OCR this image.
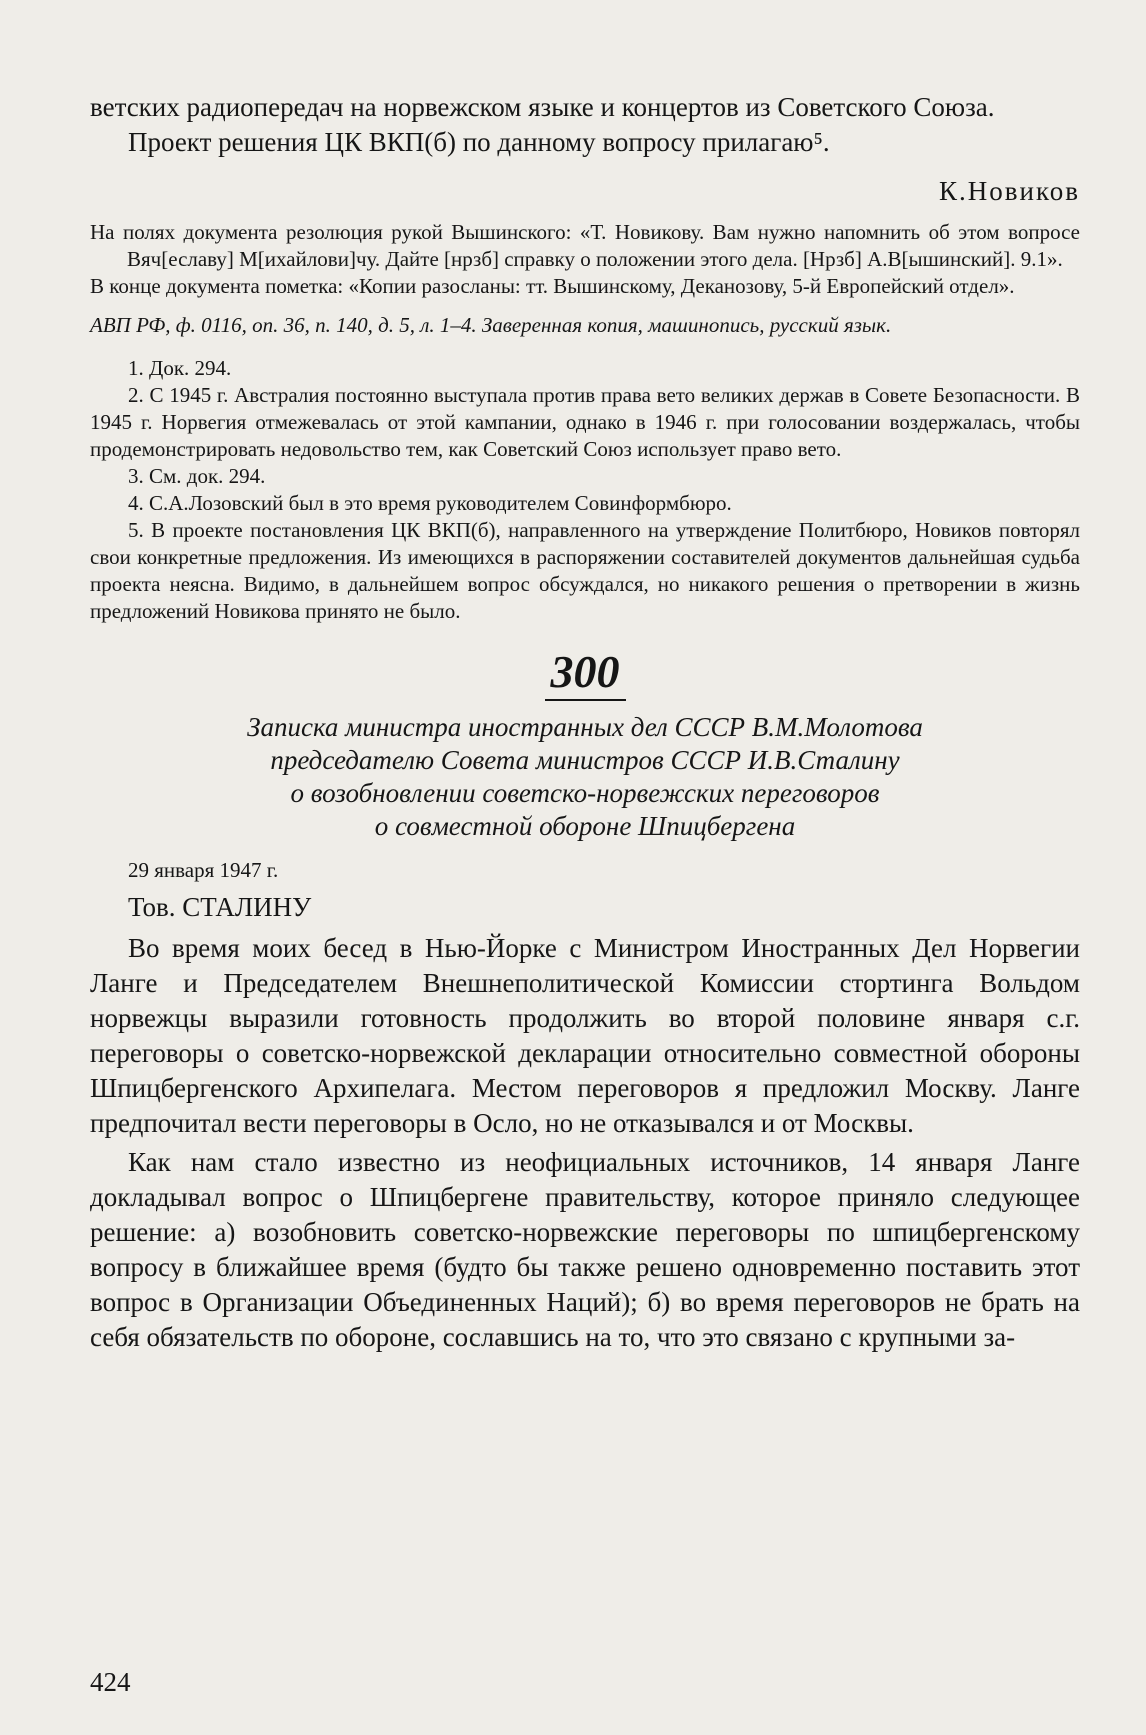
ветских радиопередач на норвежском языке и концертов из Советского Союза.

Проект решения ЦК ВКП(б) по данному вопросу прилагаю⁵.

К.Новиков

На полях документа резолюция рукой Вышинского: «Т. Новикову. Вам нужно напомнить об этом вопросе Вяч[еславу] М[ихайлови]чу. Дайте [нрзб] справку о положении этого дела. [Нрзб] А.В[ышинский]. 9.1».

В конце документа пометка: «Копии разосланы: тт. Вышинскому, Деканозову, 5-й Европейский отдел».

АВП РФ, ф. 0116, оп. 36, п. 140, д. 5, л. 1–4. Заверенная копия, машинопись, русский язык.

1. Док. 294.

2. С 1945 г. Австралия постоянно выступала против права вето великих держав в Совете Безопасности. В 1945 г. Норвегия отмежевалась от этой кампании, однако в 1946 г. при голосовании воздержалась, чтобы продемонстрировать недовольство тем, как Советский Союз использует право вето.

3. См. док. 294.

4. С.А.Лозовский был в это время руководителем Совинформбюро.

5. В проекте постановления ЦК ВКП(б), направленного на утверждение Политбюро, Новиков повторял свои конкретные предложения. Из имеющихся в распоряжении составителей документов дальнейшая судьба проекта неясна. Видимо, в дальнейшем вопрос обсуждался, но никакого решения о претворении в жизнь предложений Новикова принято не было.

300
Записка министра иностранных дел СССР В.М.Молотова
председателю Совета министров СССР И.В.Сталину
о возобновлении советско-норвежских переговоров
о совместной обороне Шпицбергена

29 января 1947 г.

Тов. СТАЛИНУ

Во время моих бесед в Нью-Йорке с Министром Иностранных Дел Норвегии Ланге и Председателем Внешнеполитической Комиссии стортинга Вольдом норвежцы выразили готовность продолжить во второй половине января с.г. переговоры о советско-норвежской декларации относительно совместной обороны Шпицбергенского Архипелага. Местом переговоров я предложил Москву. Ланге предпочитал вести переговоры в Осло, но не отказывался и от Москвы.

Как нам стало известно из неофициальных источников, 14 января Ланге докладывал вопрос о Шпицбергене правительству, которое приняло следующее решение: а) возобновить советско-норвежские переговоры по шпицбергенскому вопросу в ближайшее время (будто бы также решено одновременно поставить этот вопрос в Организации Объединенных Наций); б) во время переговоров не брать на себя обязательств по обороне, сославшись на то, что это связано с крупными за-

424
